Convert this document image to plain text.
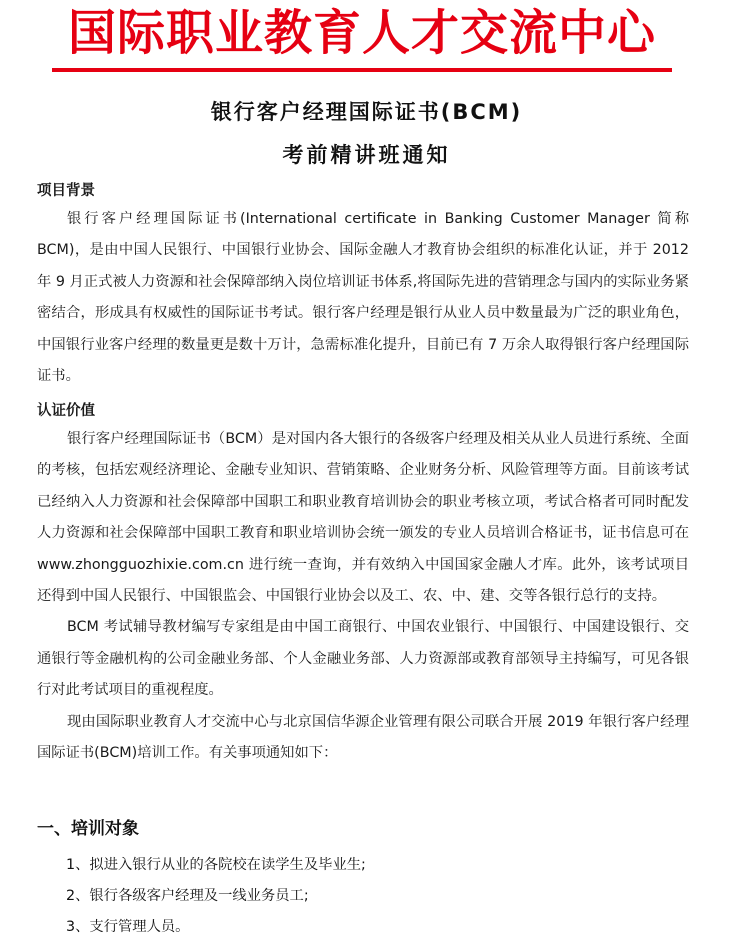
国际职业教育人才交流中心
银行客户经理国际证书(BCM)
考前精讲班通知
项目背景

银行客户经理国际证书(International certificate in Banking Customer Manager 简称 BCM)，是由中国人民银行、中国银行业协会、国际金融人才教育协会组织的标准化认证，并于 2012 年 9 月正式被人力资源和社会保障部纳入岗位培训证书体系,将国际先进的营销理念与国内的实际业务紧密结合，形成具有权威性的国际证书考试。银行客户经理是银行从业人员中数量最为广泛的职业角色，中国银行业客户经理的数量更是数十万计，急需标准化提升，目前已有 7 万余人取得银行客户经理国际证书。

认证价值

银行客户经理国际证书（BCM）是对国内各大银行的各级客户经理及相关从业人员进行系统、全面的考核，包括宏观经济理论、金融专业知识、营销策略、企业财务分析、风险管理等方面。目前该考试已经纳入人力资源和社会保障部中国职工和职业教育培训协会的职业考核立项，考试合格者可同时配发人力资源和社会保障部中国职工教育和职业培训协会统一颁发的专业人员培训合格证书，证书信息可在 www.zhongguozhixie.com.cn 进行统一查询，并有效纳入中国国家金融人才库。此外，该考试项目还得到中国人民银行、中国银监会、中国银行业协会以及工、农、中、建、交等各银行总行的支持。

BCM 考试辅导教材编写专家组是由中国工商银行、中国农业银行、中国银行、中国建设银行、交通银行等金融机构的公司金融业务部、个人金融业务部、人力资源部或教育部领导主持编写，可见各银行对此考试项目的重视程度。

现由国际职业教育人才交流中心与北京国信华源企业管理有限公司联合开展 2019 年银行客户经理国际证书(BCM)培训工作。有关事项通知如下：

一、培训对象
1、拟进入银行从业的各院校在读学生及毕业生;
2、银行各级客户经理及一线业务员工;
3、支行管理人员。
